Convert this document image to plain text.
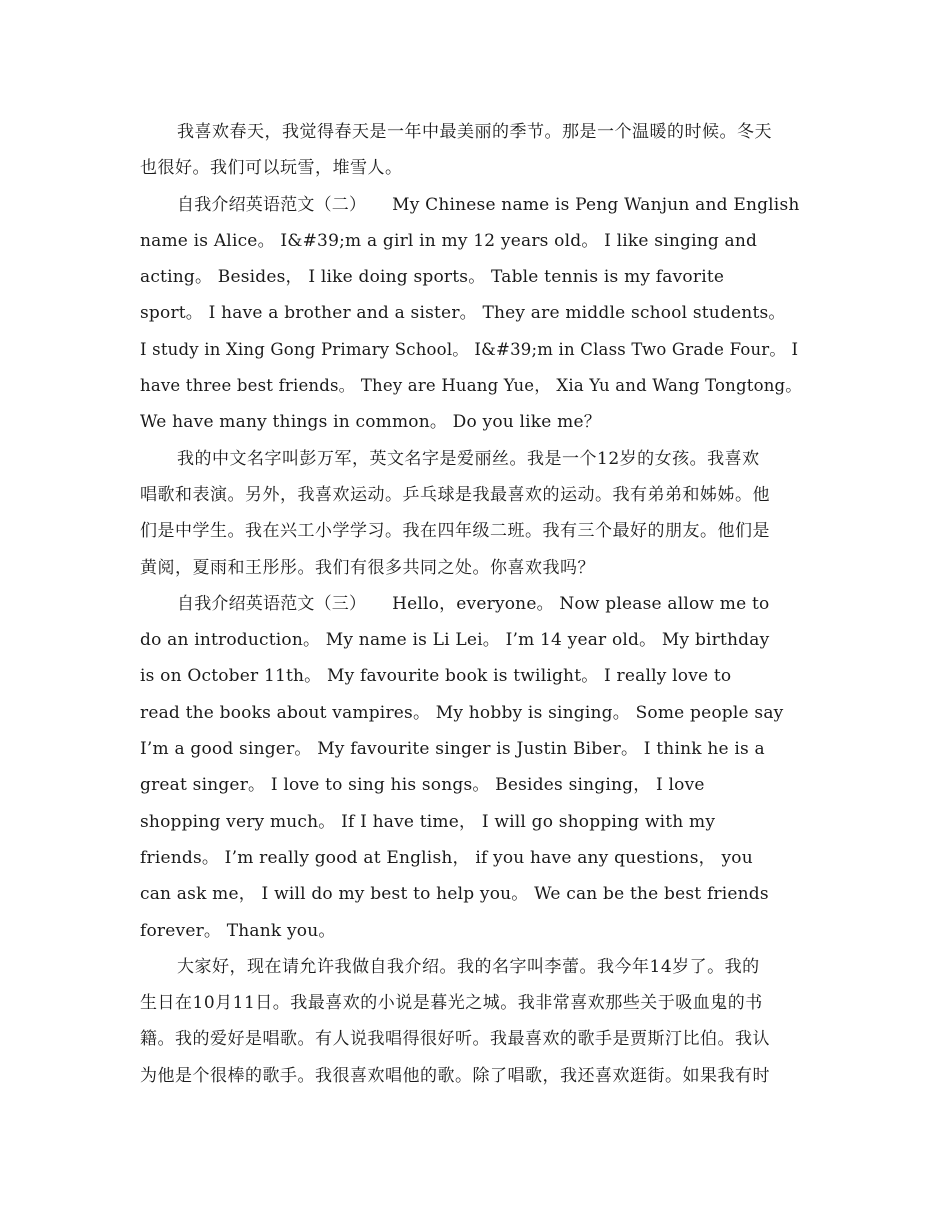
我喜欢春天，我觉得春天是一年中最美丽的季节。那是一个温暖的时候。冬天
也很好。我们可以玩雪，堆雪人。
自我介绍英语范文（二）　　My Chinese name is Peng Wanjun and English
name is Alice。 I&#39;m a girl in my 12 years old。 I like singing and
acting。 Besides， I like doing sports。 Table tennis is my favorite
sport。 I have a brother and a sister。 They are middle school students。
I study in Xing Gong Primary School。 I&#39;m in Class Two Grade Four。 I
have three best friends。 They are Huang Yue， Xia Yu and Wang Tongtong。
We have many things in common。 Do you like me？
我的中文名字叫彭万军，英文名字是爱丽丝。我是一个12岁的女孩。我喜欢
唱歌和表演。另外，我喜欢运动。乒乓球是我最喜欢的运动。我有弟弟和姊姊。他
们是中学生。我在兴工小学学习。我在四年级二班。我有三个最好的朋友。他们是
黄阅，夏雨和王彤彤。我们有很多共同之处。你喜欢我吗？
自我介绍英语范文（三）　　Hello，everyone。 Now please allow me to
do an introduction。 My name is Li Lei。 I’m 14 year old。 My birthday
is on October 11th。 My favourite book is twilight。 I really love to
read the books about vampires。 My hobby is singing。 Some people say
I’m a good singer。 My favourite singer is Justin Biber。 I think he is a
great singer。 I love to sing his songs。 Besides singing， I love
shopping very much。 If I have time， I will go shopping with my
friends。 I’m really good at English， if you have any questions， you
can ask me， I will do my best to help you。 We can be the best friends
forever。 Thank you。
大家好，现在请允许我做自我介绍。我的名字叫李蕾。我今年14岁了。我的
生日在10月11日。我最喜欢的小说是暮光之城。我非常喜欢那些关于吸血鬼的书
籍。我的爱好是唱歌。有人说我唱得很好听。我最喜欢的歌手是贾斯汀比伯。我认
为他是个很棒的歌手。我很喜欢唱他的歌。除了唱歌，我还喜欢逛街。如果我有时
